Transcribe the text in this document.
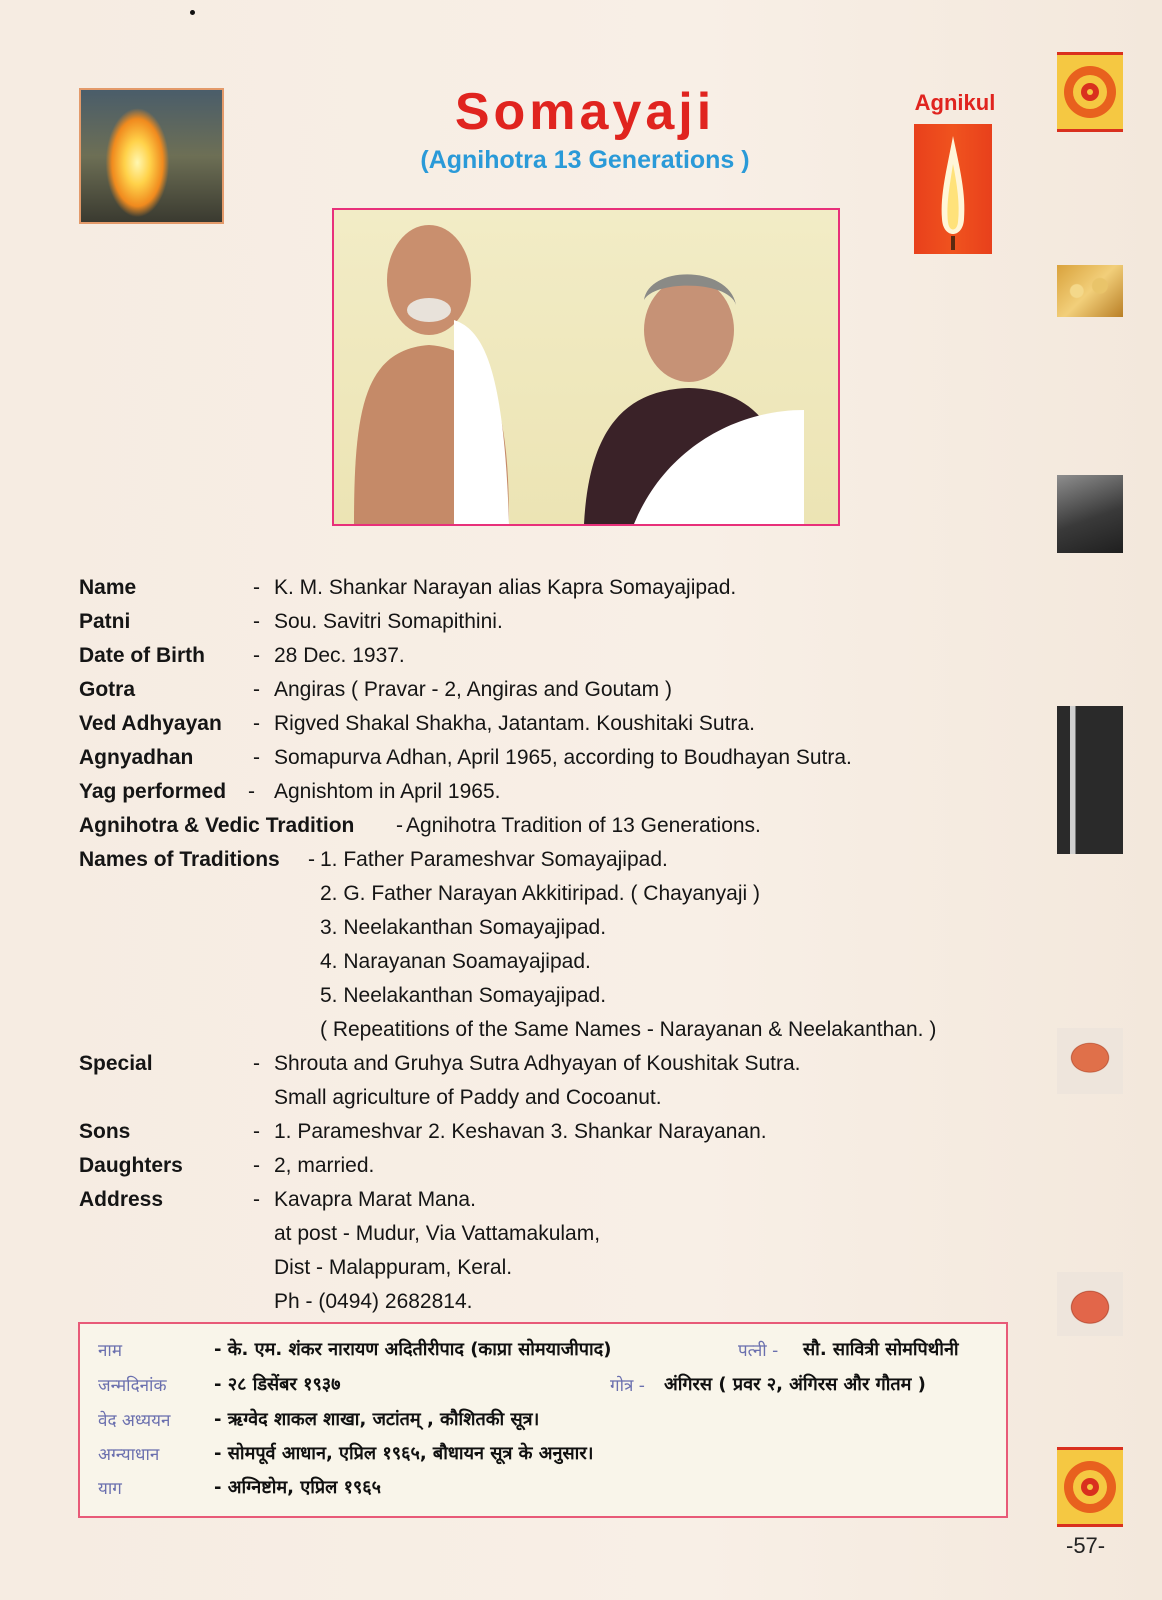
Somayaji
(Agnihotra 13 Generations )
Agnikul
Name	- K. M. Shankar Narayan alias Kapra Somayajipad.
Patni	- Sou. Savitri Somapithini.
Date of Birth - 28 Dec. 1937.
Gotra	- Angiras ( Pravar - 2, Angiras and Goutam )
Ved Adhyayan - Rigved Shakal Shakha, Jatantam. Koushitaki Sutra.
Agnyadhan	- Somapurva Adhan, April 1965, according to Boudhayan Sutra.
Yag performed - Agnishtom in April 1965.
Agnihotra & Vedic Tradition - Agnihotra Tradition of 13 Generations.
Names of Traditions - 1. Father Parameshvar Somayajipad.
2. G. Father Narayan Akkitiripad. ( Chayanyaji )
3. Neelakanthan Somayajipad.
4. Narayanan Soamayajipad.
5. Neelakanthan Somayajipad.
( Repeatitions of the Same Names - Narayanan & Neelakanthan. )
Special	- Shrouta and Gruhya Sutra Adhyayan of Koushitak Sutra.
Small agriculture of Paddy and Cocoanut.
Sons	- 1. Parameshvar 2. Keshavan 3. Shankar Narayanan.
Daughters	- 2, married.
Address	- Kavapra Marat Mana.
at post - Mudur, Via Vattamakulam,
Dist - Malappuram, Keral.
Ph - (0494) 2682814.
नाम	- के. एम. शंकर नारायण अदितीरीपाद (काप्रा सोमयाजीपाद)	पत्नी - सौ. सावित्री सोमपिथीनी
जन्मदिनांक	- २८ डिसेंबर १९३७	गोत्र - अंगिरस ( प्रवर २, अंगिरस और गौतम )
वेद अध्ययन - ऋग्वेद शाकल शाखा, जटांतम् , कौशितकी सूत्र।
अग्न्याधान	- सोमपूर्व आधान, एप्रिल १९६५, बौधायन सूत्र के अनुसार।
याग	- अग्निष्टोम, एप्रिल १९६५
-57-
